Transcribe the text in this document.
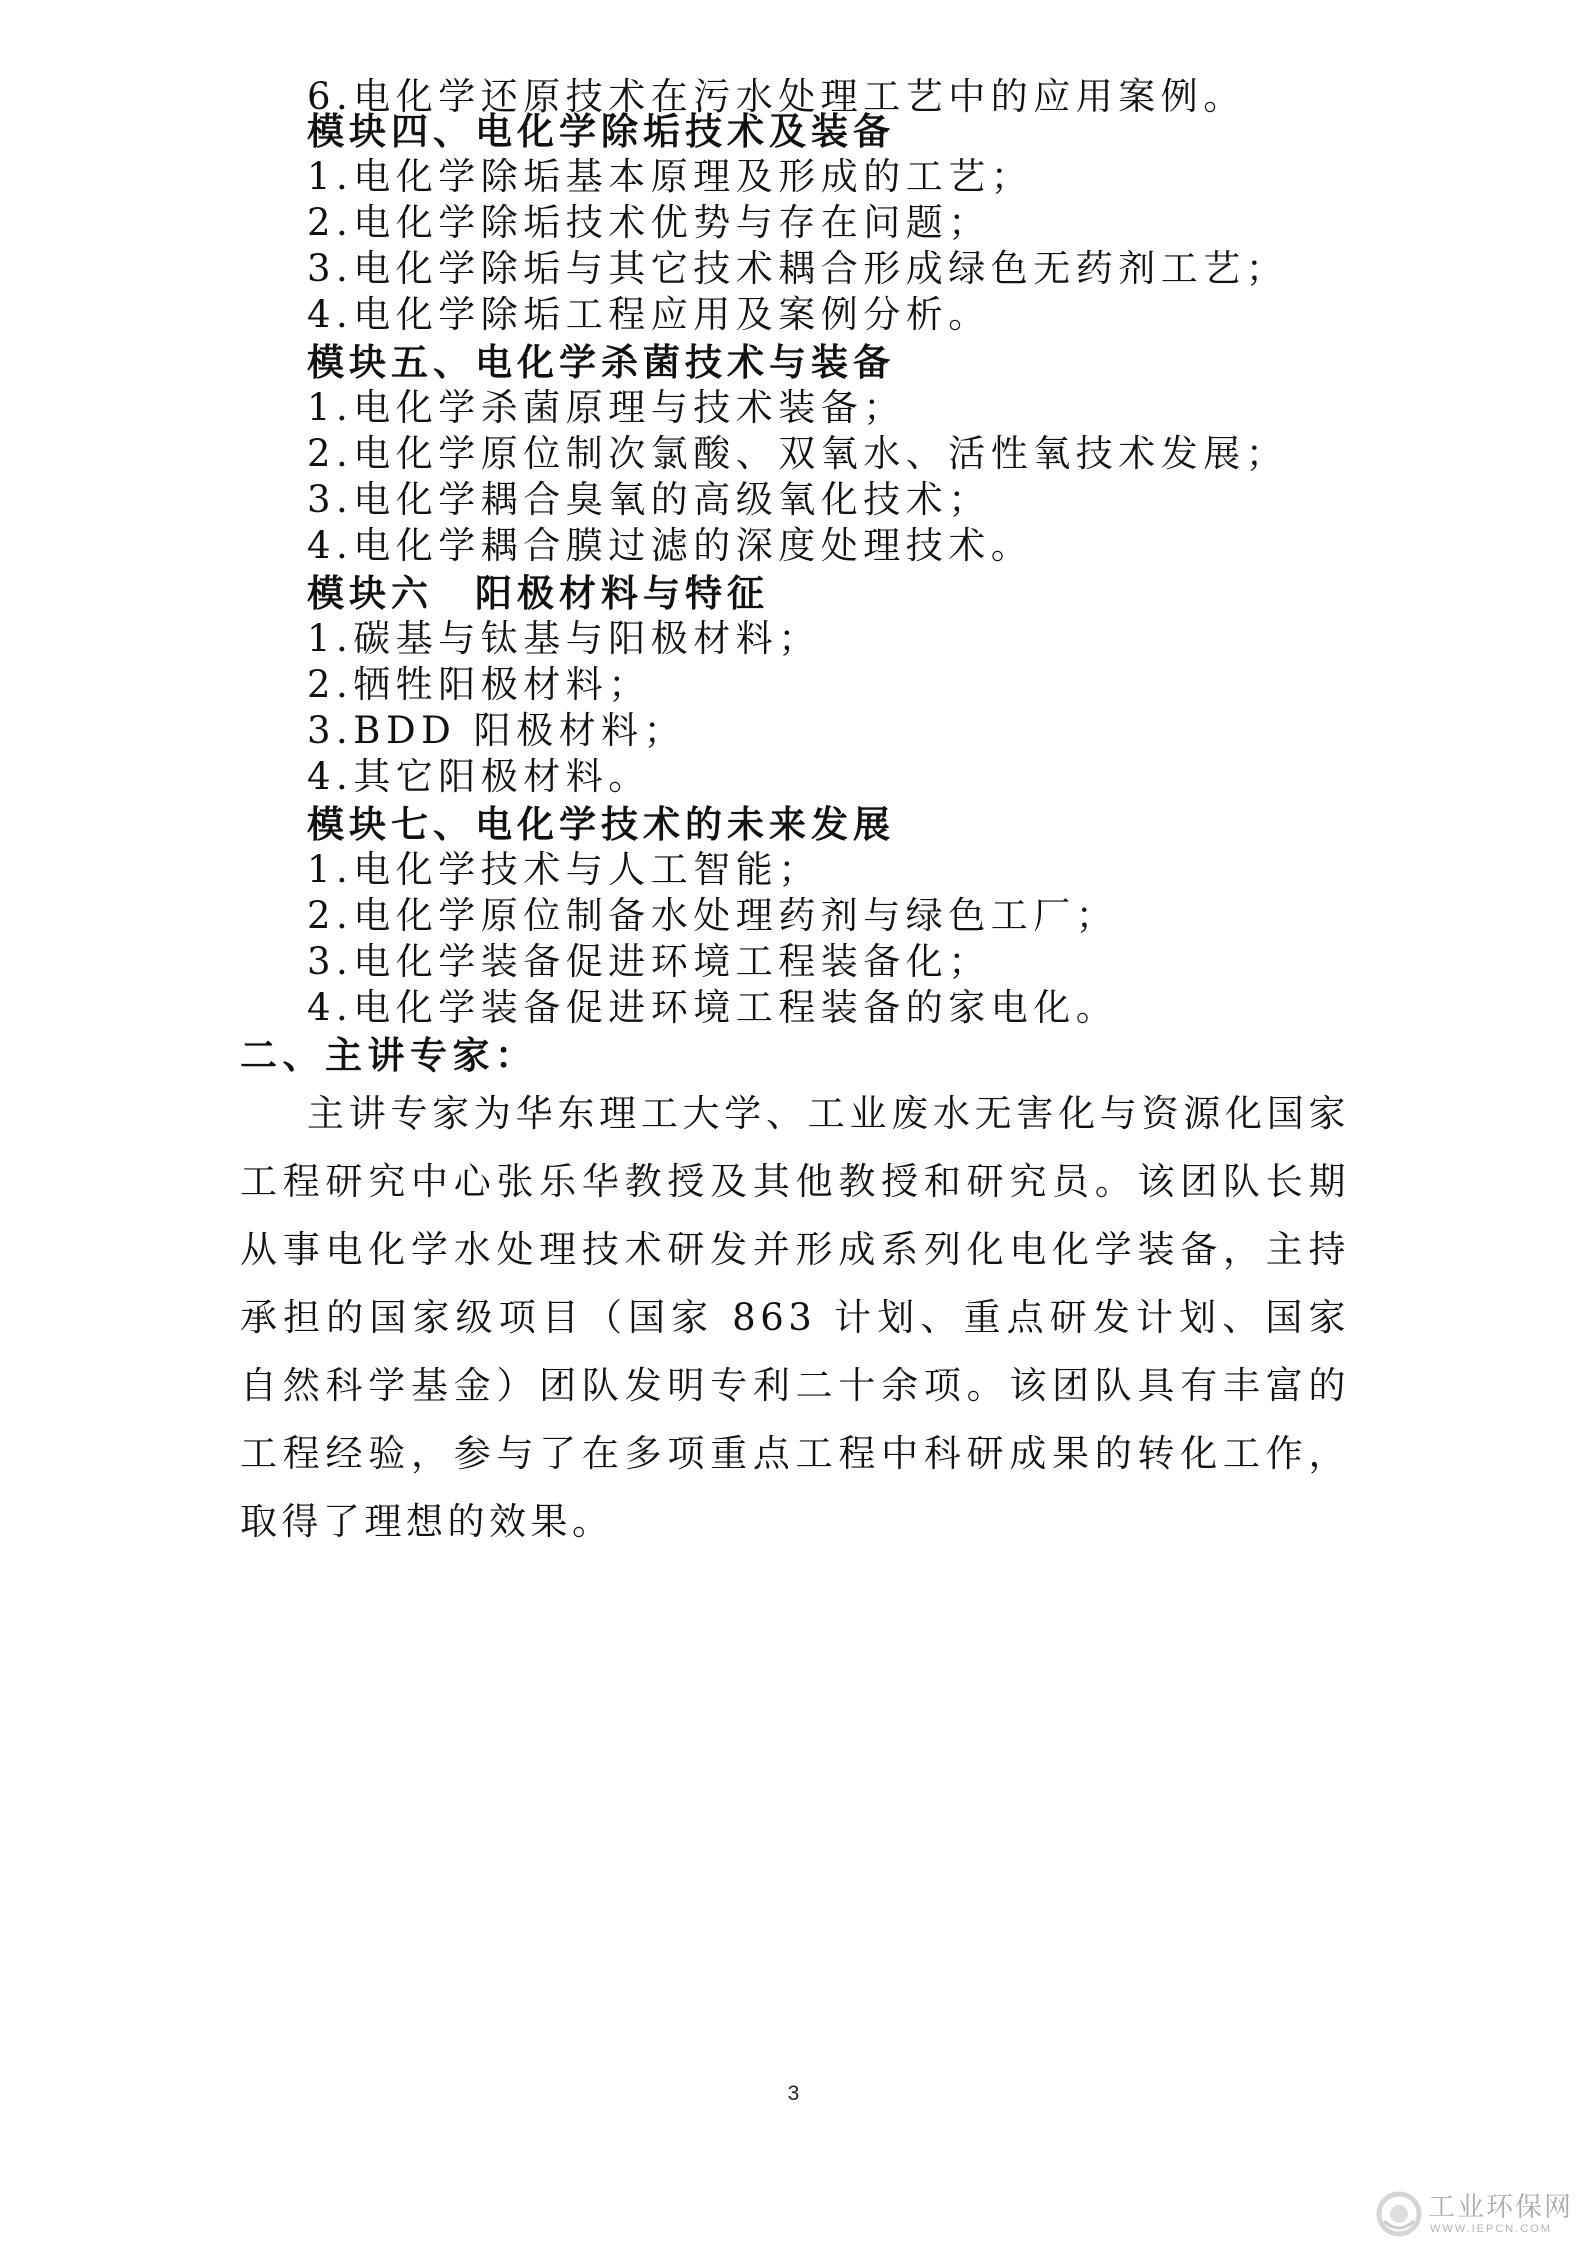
6.电化学还原技术在污水处理工艺中的应用案例。
模块四、电化学除垢技术及装备
1.电化学除垢基本原理及形成的工艺；
2.电化学除垢技术优势与存在问题；
3.电化学除垢与其它技术耦合形成绿色无药剂工艺；
4.电化学除垢工程应用及案例分析。
模块五、电化学杀菌技术与装备
1.电化学杀菌原理与技术装备；
2.电化学原位制次氯酸、双氧水、活性氧技术发展；
3.电化学耦合臭氧的高级氧化技术；
4.电化学耦合膜过滤的深度处理技术。
模块六　阳极材料与特征
1.碳基与钛基与阳极材料；
2.牺牲阳极材料；
3.BDD 阳极材料；
4.其它阳极材料。
模块七、电化学技术的未来发展
1.电化学技术与人工智能；
2.电化学原位制备水处理药剂与绿色工厂；
3.电化学装备促进环境工程装备化；
4.电化学装备促进环境工程装备的家电化。
二、主讲专家：
主讲专家为华东理工大学、工业废水无害化与资源化国家工程研究中心张乐华教授及其他教授和研究员。该团队长期从事电化学水处理技术研发并形成系列化电化学装备，主持承担的国家级项目（国家 863 计划、重点研发计划、国家自然科学基金）团队发明专利二十余项。该团队具有丰富的工程经验，参与了在多项重点工程中科研成果的转化工作，取得了理想的效果。
3
工业环保网
WWW.IEPCN.COM
